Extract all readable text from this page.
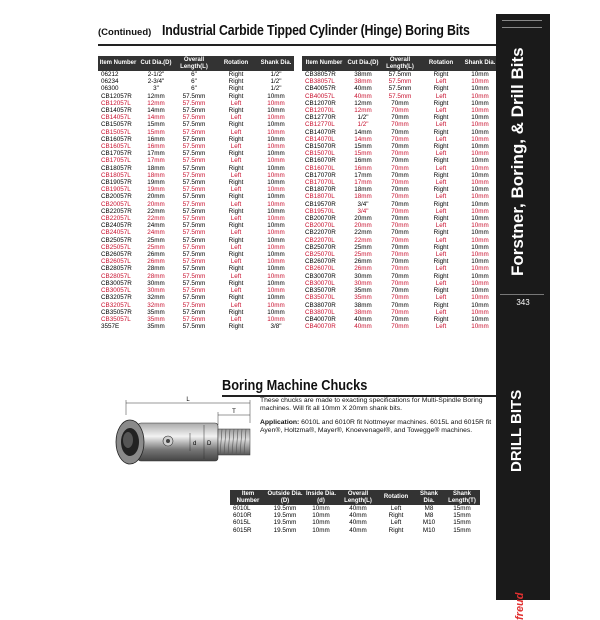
(Continued) Industrial Carbide Tipped Cylinder (Hinge) Boring Bits
Item Number	Cut Dia.(D)	Overall Length(L)	Rotation	Shank Dia.
06212	2-1/2"	6"	Right	1/2"
06234	2-3/4"	6"	Right	1/2"
06300	3"	6"	Right	1/2"
CB12057R	12mm	57.5mm	Right	10mm
CB12057L	12mm	57.5mm	Left	10mm
CB14057R	14mm	57.5mm	Right	10mm
CB14057L	14mm	57.5mm	Left	10mm
CB15057R	15mm	57.5mm	Right	10mm
CB15057L	15mm	57.5mm	Left	10mm
CB16057R	16mm	57.5mm	Right	10mm
CB16057L	16mm	57.5mm	Left	10mm
CB17057R	17mm	57.5mm	Right	10mm
CB17057L	17mm	57.5mm	Left	10mm
CB18057R	18mm	57.5mm	Right	10mm
CB18057L	18mm	57.5mm	Left	10mm
CB19057R	19mm	57.5mm	Right	10mm
CB19057L	19mm	57.5mm	Left	10mm
CB20057R	20mm	57.5mm	Right	10mm
CB20057L	20mm	57.5mm	Left	10mm
CB22057R	22mm	57.5mm	Right	10mm
CB22057L	22mm	57.5mm	Left	10mm
CB24057R	24mm	57.5mm	Right	10mm
CB24057L	24mm	57.5mm	Left	10mm
CB25057R	25mm	57.5mm	Right	10mm
CB25057L	25mm	57.5mm	Left	10mm
CB26057R	26mm	57.5mm	Right	10mm
CB26057L	26mm	57.5mm	Left	10mm
CB28057R	28mm	57.5mm	Right	10mm
CB28057L	28mm	57.5mm	Left	10mm
CB30057R	30mm	57.5mm	Right	10mm
CB30057L	30mm	57.5mm	Left	10mm
CB32057R	32mm	57.5mm	Right	10mm
CB32057L	32mm	57.5mm	Left	10mm
CB35057R	35mm	57.5mm	Right	10mm
CB35057L	35mm	57.5mm	Left	10mm
3557E	35mm	57.5mm	Right	3/8"
Item Number	Cut Dia.(D)	Overall Length(L)	Rotation	Shank Dia.
CB38057R	38mm	57.5mm	Right	10mm
CB38057L	38mm	57.5mm	Left	10mm
CB40057R	40mm	57.5mm	Right	10mm
CB40057L	40mm	57.5mm	Left	10mm
CB12070R	12mm	70mm	Right	10mm
CB12070L	12mm	70mm	Left	10mm
CB12770R	1/2"	70mm	Right	10mm
CB12770L	1/2"	70mm	Left	10mm
CB14070R	14mm	70mm	Right	10mm
CB14070L	14mm	70mm	Left	10mm
CB15070R	15mm	70mm	Right	10mm
CB15070L	15mm	70mm	Left	10mm
CB16070R	16mm	70mm	Right	10mm
CB16070L	16mm	70mm	Left	10mm
CB17070R	17mm	70mm	Right	10mm
CB17070L	17mm	70mm	Left	10mm
CB18070R	18mm	70mm	Right	10mm
CB18070L	18mm	70mm	Left	10mm
CB19570R	3/4"	70mm	Right	10mm
CB19570L	3/4"	70mm	Left	10mm
CB20070R	20mm	70mm	Right	10mm
CB20070L	20mm	70mm	Left	10mm
CB22070R	22mm	70mm	Right	10mm
CB22070L	22mm	70mm	Left	10mm
CB25070R	25mm	70mm	Right	10mm
CB25070L	25mm	70mm	Left	10mm
CB26070R	26mm	70mm	Right	10mm
CB26070L	26mm	70mm	Left	10mm
CB30070R	30mm	70mm	Right	10mm
CB30070L	30mm	70mm	Left	10mm
CB35070R	35mm	70mm	Right	10mm
CB35070L	35mm	70mm	Left	10mm
CB38070R	38mm	70mm	Right	10mm
CB38070L	38mm	70mm	Left	10mm
CB40070R	40mm	70mm	Right	10mm
CB40070R	40mm	70mm	Left	10mm
Forstner, Boring, & Drill Bits
343
DRILL BITS
freud
Boring Machine Chucks
L
T
D
d

These chucks are made to exacting specifications for Multi-Spindle Boring machines. Will fit all 10mm X 20mm shank bits.

Application: 6010L and 6010R fit Nottmeyer machines. 6015L and 6015R fit Ayen®, Holtzma®, Mayer®, Knoevenagel®, and Towegge® machines.

Item Number	Outside Dia.(D)	Inside Dia.(d)	Overall Length(L)	Rotation	Shank Dia.	Shank Length(T)
6010L	19.5mm	10mm	40mm	Left	M8	15mm
6010R	19.5mm	10mm	40mm	Right	M8	15mm
6015L	19.5mm	10mm	40mm	Left	M10	15mm
6015R	19.5mm	10mm	40mm	Right	M10	15mm
